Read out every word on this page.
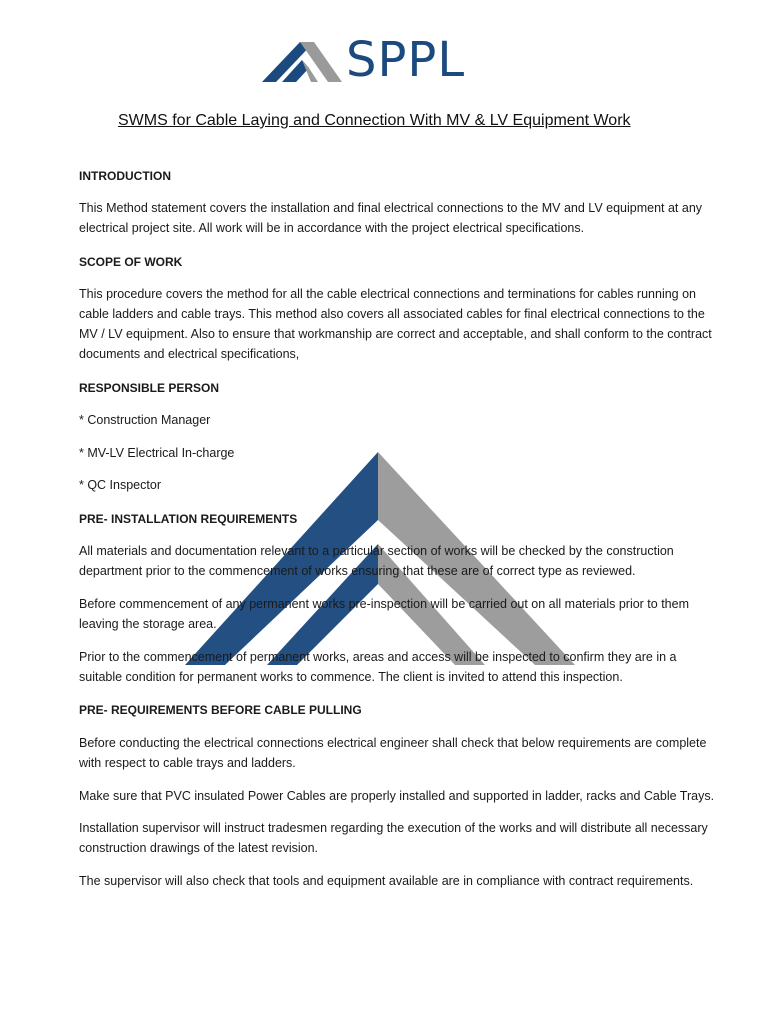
SPPL
SWMS for Cable Laying and Connection With MV & LV Equipment Work
INTRODUCTION
This Method statement covers the installation and final electrical connections to the MV and LV equipment at any electrical project site. All work will be in accordance with the project electrical specifications.
SCOPE OF WORK
This procedure covers the method for all the cable electrical connections and terminations for cables running on cable ladders and cable trays. This method also covers all associated cables for final electrical connections to the MV / LV equipment. Also to ensure that workmanship are correct and acceptable, and shall conform to the contract documents and electrical specifications,
RESPONSIBLE PERSON
* Construction Manager
* MV-LV Electrical In-charge
* QC Inspector
PRE- INSTALLATION REQUIREMENTS
All materials and documentation relevant to a particular section of works will be checked by the construction department prior to the commencement of works ensuring that these are of correct type as reviewed.
Before commencement of any permanent works pre-inspection will be carried out on all materials prior to them leaving the storage area.
Prior to the commencement of permanent works, areas and access will be inspected to confirm they are in a suitable condition for permanent works to commence. The client is invited to attend this inspection.
PRE- REQUIREMENTS BEFORE CABLE PULLING
Before conducting the electrical connections electrical engineer shall check that below requirements are complete with respect to cable trays and ladders.
Make sure that PVC insulated Power Cables are properly installed and supported in ladder, racks and Cable Trays.
Installation supervisor will instruct tradesmen regarding the execution of the works and will distribute all necessary construction drawings of the latest revision.
The supervisor will also check that tools and equipment available are in compliance with contract requirements.
